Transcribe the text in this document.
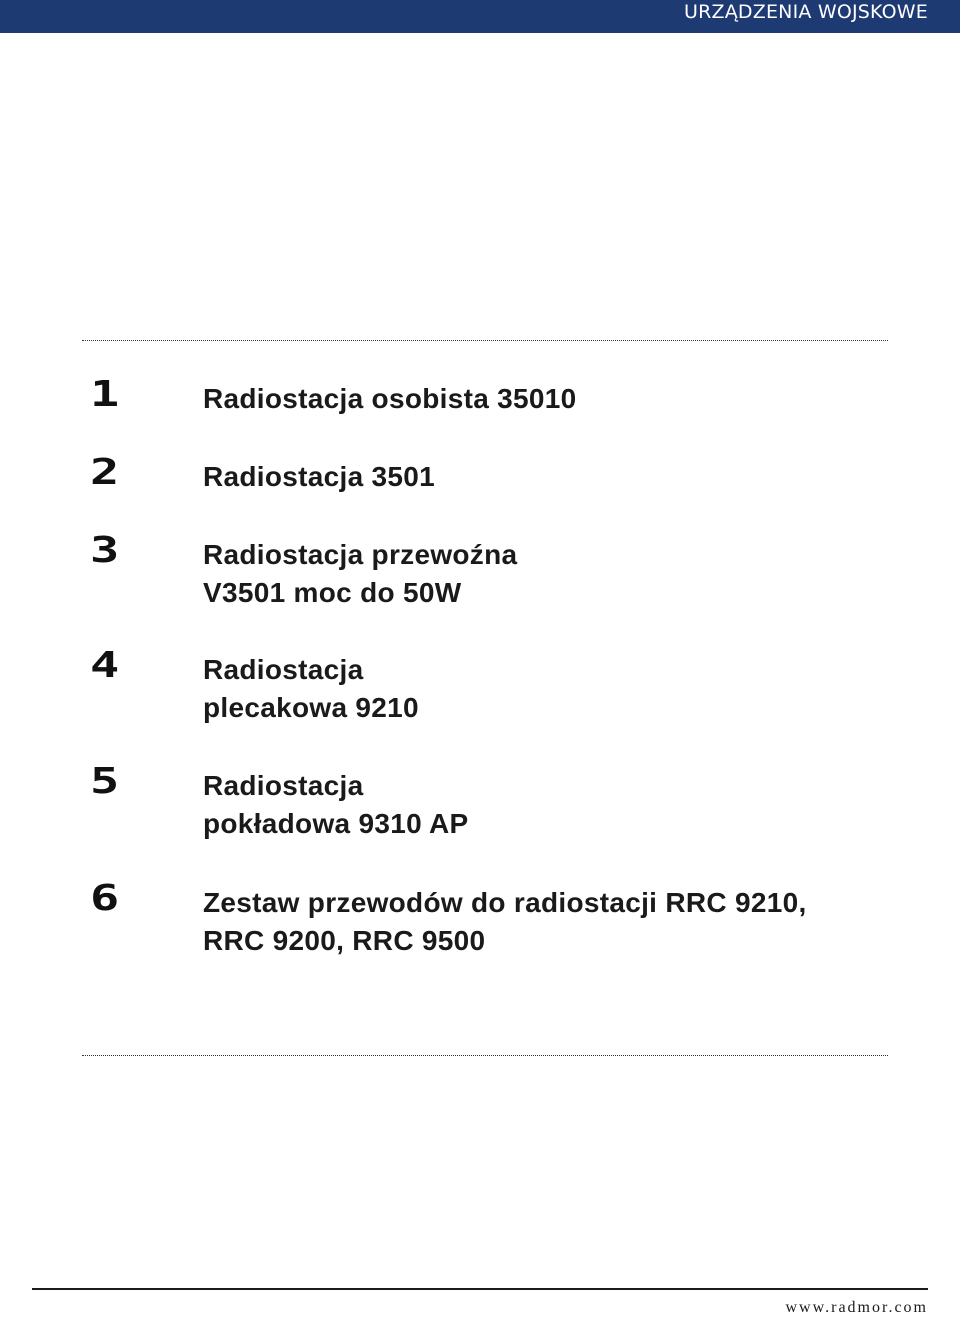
URZĄDZENIA WOJSKOWE
1	Radiostacja osobista 35010
2	Radiostacja 3501
3	Radiostacja przewoźna
V3501 moc do 50W
4	Radiostacja
plecakowa 9210
5	Radiostacja
pokładowa 9310 AP
6	Zestaw przewodów do radiostacji RRC 9210,
RRC 9200, RRC 9500
www.radmor.com
